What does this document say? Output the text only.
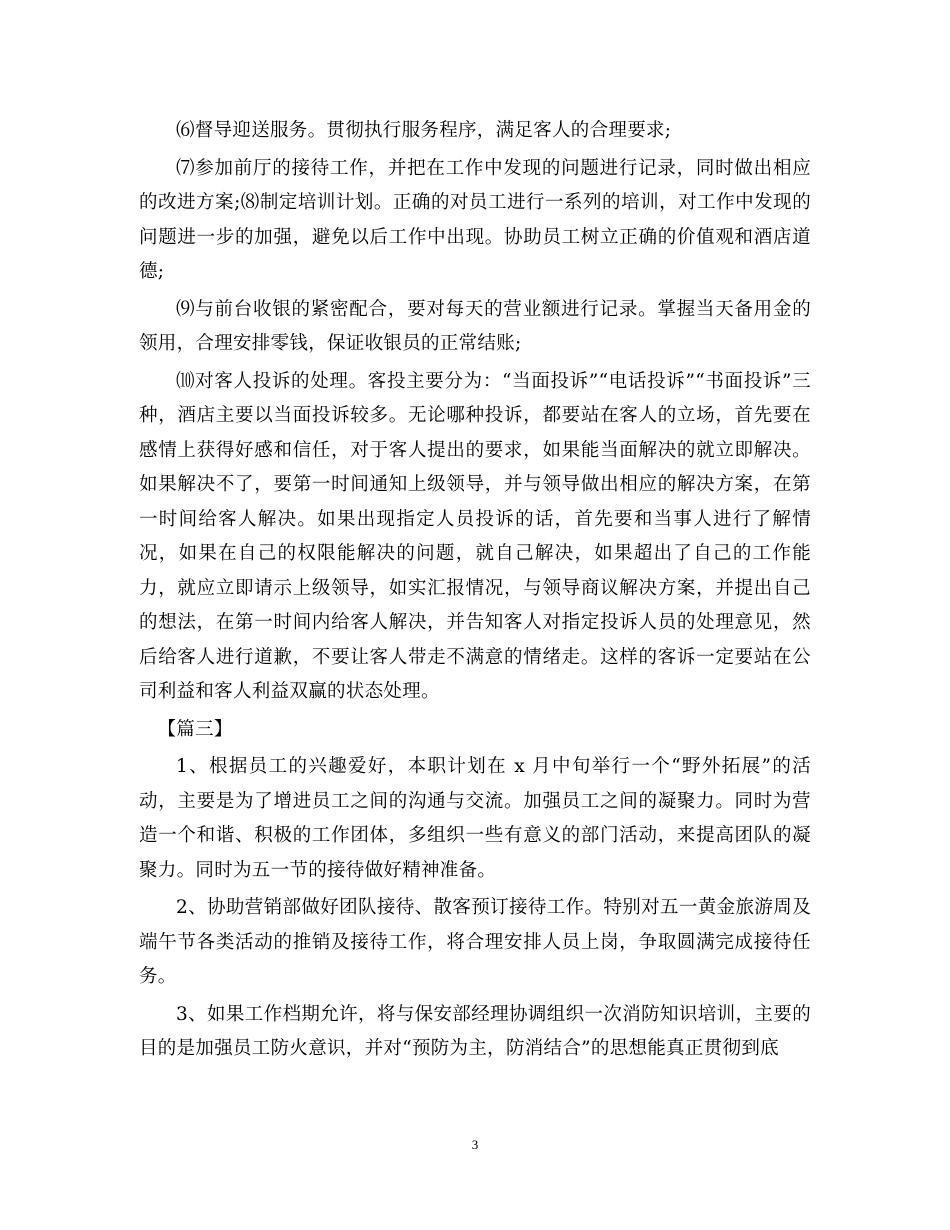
⑹督导迎送服务。贯彻执行服务程序，满足客人的合理要求;

⑺参加前厅的接待工作，并把在工作中发现的问题进行记录，同时做出相应的改进方案;⑻制定培训计划。正确的对员工进行一系列的培训，对工作中发现的问题进一步的加强，避免以后工作中出现。协助员工树立正确的价值观和酒店道德;

⑼与前台收银的紧密配合，要对每天的营业额进行记录。掌握当天备用金的领用，合理安排零钱，保证收银员的正常结账;

⑽对客人投诉的处理。客投主要分为：“当面投诉”“电话投诉”“书面投诉”三种，酒店主要以当面投诉较多。无论哪种投诉，都要站在客人的立场，首先要在感情上获得好感和信任，对于客人提出的要求，如果能当面解决的就立即解决。如果解决不了，要第一时间通知上级领导，并与领导做出相应的解决方案，在第一时间给客人解决。如果出现指定人员投诉的话，首先要和当事人进行了解情况，如果在自己的权限能解决的问题，就自己解决，如果超出了自己的工作能力，就应立即请示上级领导，如实汇报情况，与领导商议解决方案，并提出自己的想法，在第一时间内给客人解决，并告知客人对指定投诉人员的处理意见，然后给客人进行道歉，不要让客人带走不满意的情绪走。这样的客诉一定要站在公司利益和客人利益双赢的状态处理。

【篇三】

1、根据员工的兴趣爱好，本职计划在 x 月中旬举行一个“野外拓展”的活动，主要是为了增进员工之间的沟通与交流。加强员工之间的凝聚力。同时为营造一个和谐、积极的工作团体，多组织一些有意义的部门活动，来提高团队的凝聚力。同时为五一节的接待做好精神准备。

2、协助营销部做好团队接待、散客预订接待工作。特别对五一黄金旅游周及端午节各类活动的推销及接待工作，将合理安排人员上岗，争取圆满完成接待任务。

3、如果工作档期允许，将与保安部经理协调组织一次消防知识培训，主要的目的是加强员工防火意识，并对“预防为主，防消结合”的思想能真正贯彻到底

3
